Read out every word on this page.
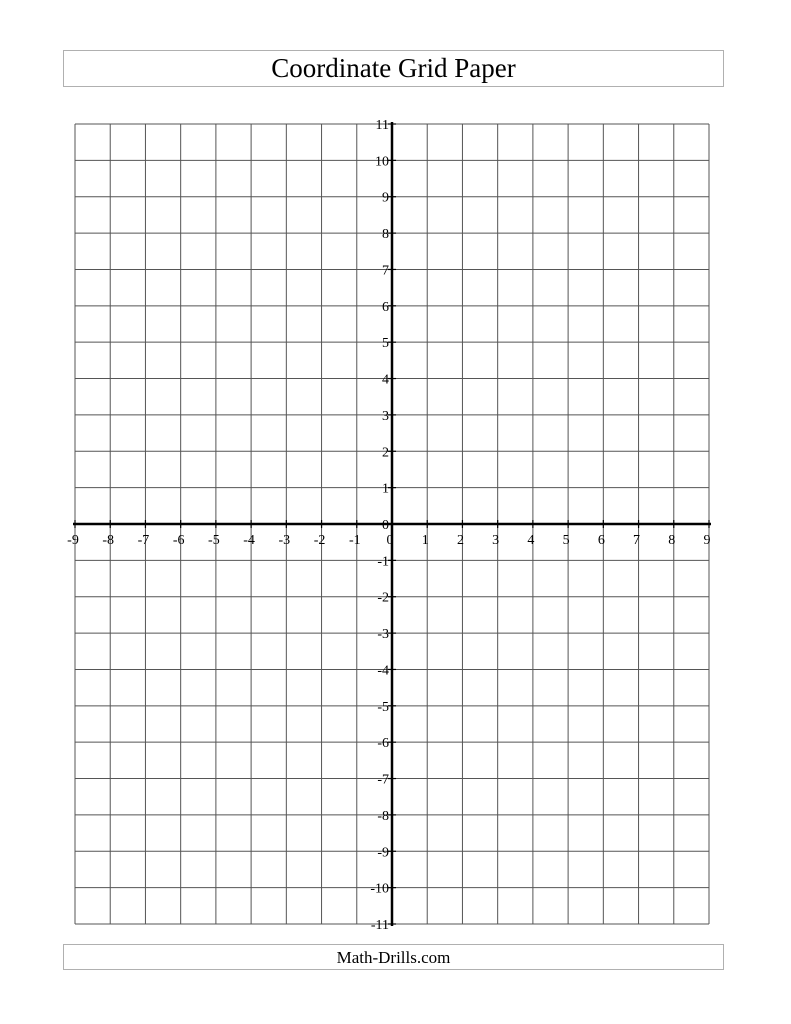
Coordinate Grid Paper
-9 -8 -7 -6 -5 -4 -3 -2 -1 0 1 2 3 4 5 6 7 8 9
11
10
9
8
7
6
5
4
3
2
1
0
-1
-2
-3
-4
-5
-6
-7
-8
-9
-10
-11
Math-Drills.com
